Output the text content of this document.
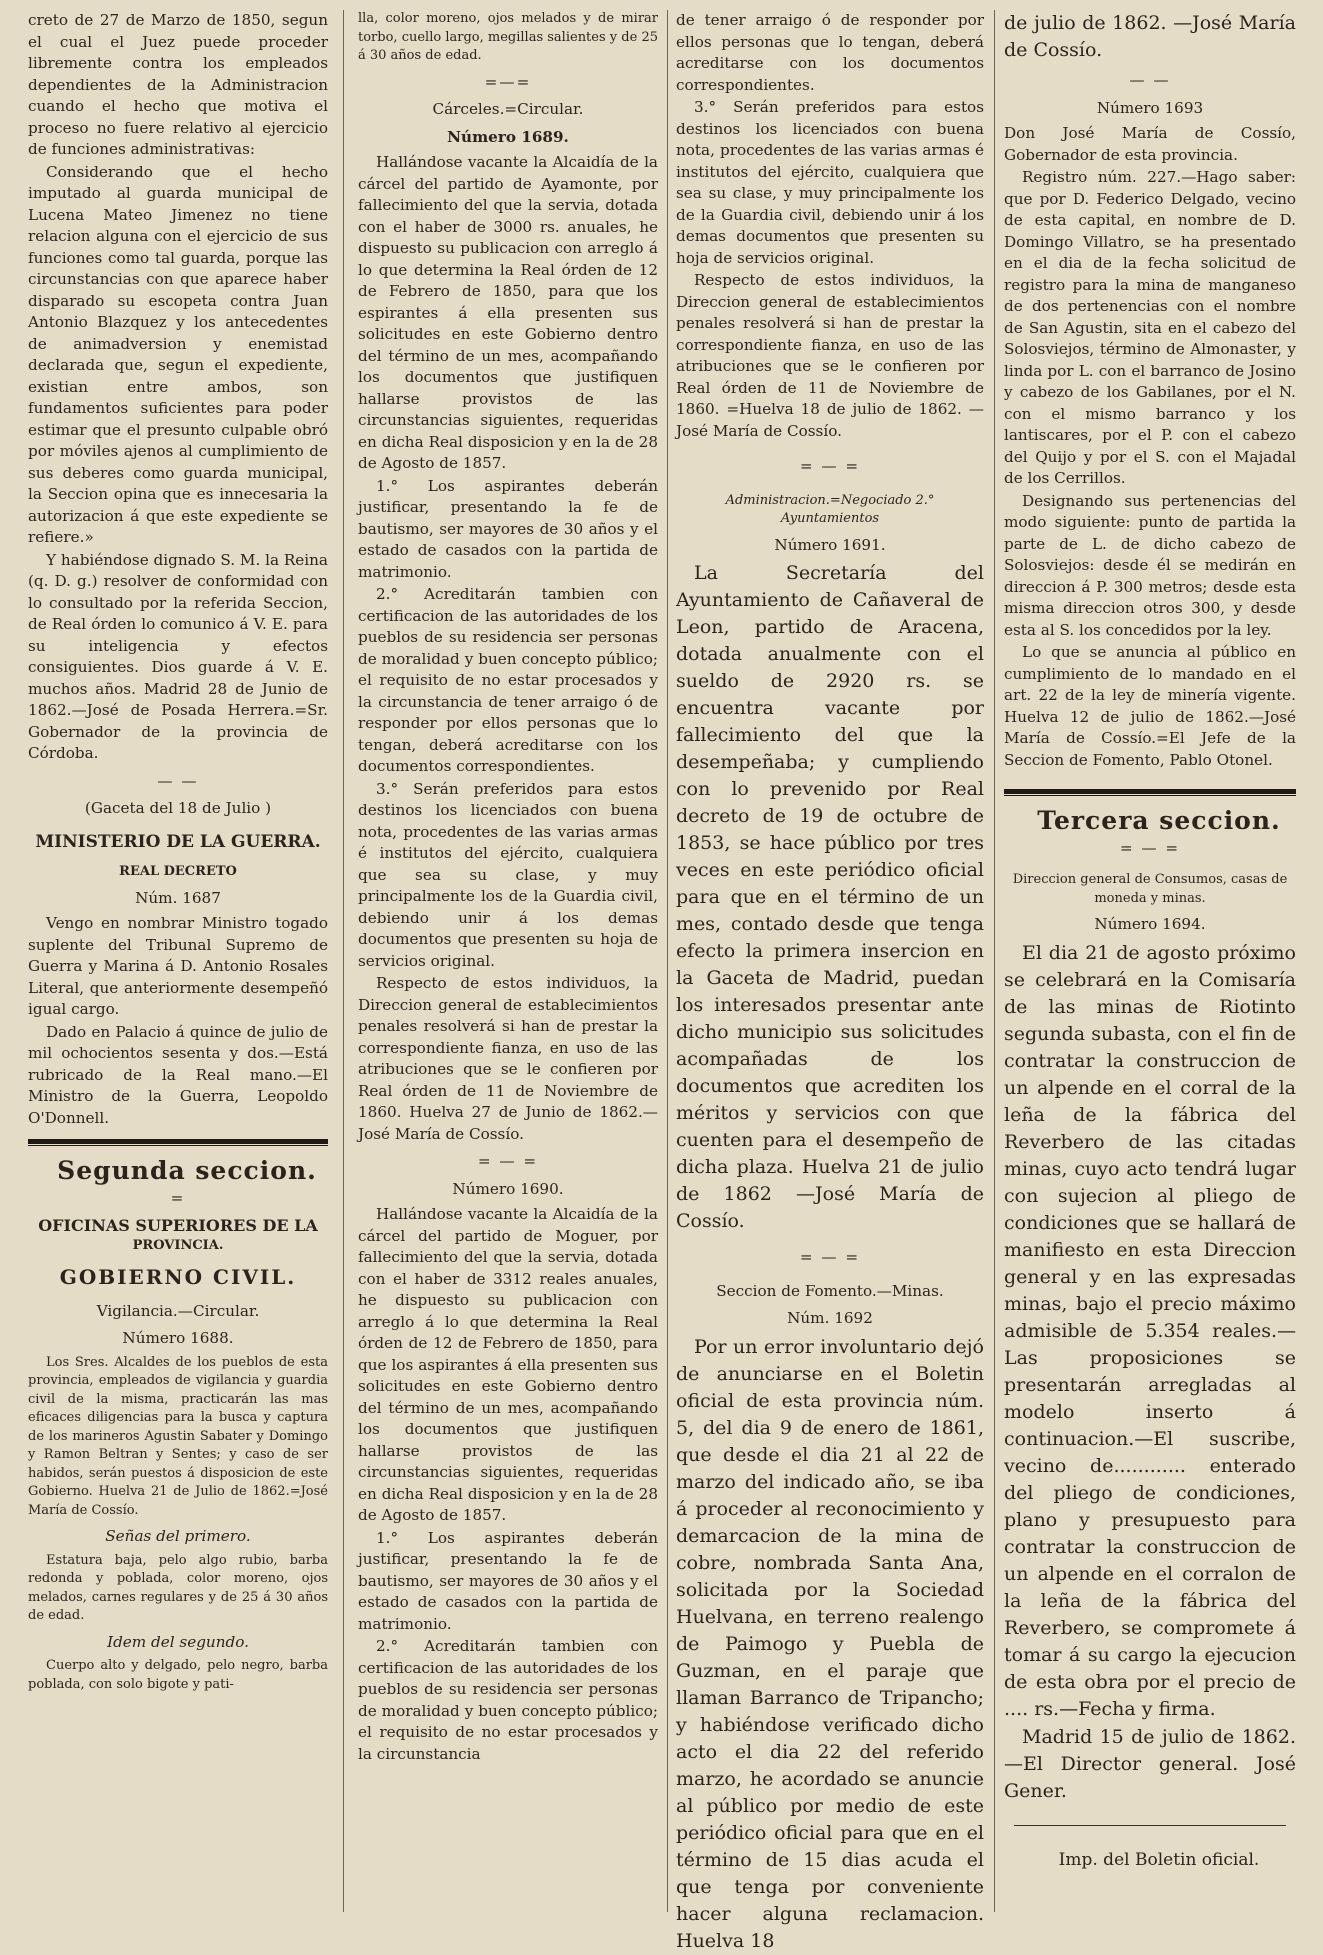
creto de 27 de Marzo de 1850, segun el cual el Juez puede proceder libremente contra los empleados dependientes de la Administracion cuando el hecho que motiva el proceso no fuere relativo al ejercicio de funciones administrativas:

Considerando que el hecho imputado al guarda municipal de Lucena Mateo Jimenez no tiene relacion alguna con el ejercicio de sus funciones como tal guarda, porque las circunstancias con que aparece haber disparado su escopeta contra Juan Antonio Blazquez y los antecedentes de animadversion y enemistad declarada que, segun el expediente, existian entre ambos, son fundamentos suficientes para poder estimar que el presunto culpable obró por móviles ajenos al cumplimiento de sus deberes como guarda municipal, la Seccion opina que es innecesaria la autorizacion á que este expediente se refiere.»

Y habiéndose dignado S. M. la Reina (q. D. g.) resolver de conformidad con lo consultado por la referida Seccion, de Real órden lo comunico á V. E. para su inteligencia y efectos consiguientes. Dios guarde á V. E. muchos años. Madrid 28 de Junio de 1862.—José de Posada Herrera.=Sr. Gobernador de la provincia de Córdoba.

— —

(Gaceta del 18 de Julio )

MINISTERIO DE LA GUERRA.

REAL DECRETO

Núm. 1687

Vengo en nombrar Ministro togado suplente del Tribunal Supremo de Guerra y Marina á D. Antonio Rosales Literal, que anteriormente desempeñó igual cargo.

Dado en Palacio á quince de julio de mil ochocientos sesenta y dos.—Está rubricado de la Real mano.—El Ministro de la Guerra, Leopoldo O'Donnell.

Segunda seccion.

=

OFICINAS SUPERIORES DE LA

PROVINCIA.

GOBIERNO CIVIL.

Vigilancia.—Circular.

Número 1688.

Los Sres. Alcaldes de los pueblos de esta provincia, empleados de vigilancia y guardia civil de la misma, practicarán las mas eficaces diligencias para la busca y captura de los marineros Agustin Sabater y Domingo y Ramon Beltran y Sentes; y caso de ser habidos, serán puestos á disposicion de este Gobierno. Huelva 21 de Julio de 1862.=José María de Cossío.

Señas del primero.

Estatura baja, pelo algo rubio, barba redonda y poblada, color moreno, ojos melados, carnes regulares y de 25 á 30 años de edad.

Idem del segundo.

Cuerpo alto y delgado, pelo negro, barba poblada, con solo bigote y pati-

lla, color moreno, ojos melados y de mirar torbo, cuello largo, megillas salientes y de 25 á 30 años de edad.

=—=

Cárceles.=Circular.

Número 1689.

Hallándose vacante la Alcaidía de la cárcel del partido de Ayamonte, por fallecimiento del que la servia, dotada con el haber de 3000 rs. anuales, he dispuesto su publicacion con arreglo á lo que determina la Real órden de 12 de Febrero de 1850, para que los espirantes á ella presenten sus solicitudes en este Gobierno dentro del término de un mes, acompañando los documentos que justifiquen hallarse provistos de las circunstancias siguientes, requeridas en dicha Real disposicion y en la de 28 de Agosto de 1857.

1.° Los aspirantes deberán justificar, presentando la fe de bautismo, ser mayores de 30 años y el estado de casados con la partida de matrimonio.

2.° Acreditarán tambien con certificacion de las autoridades de los pueblos de su residencia ser personas de moralidad y buen concepto público; el requisito de no estar procesados y la circunstancia de tener arraigo ó de responder por ellos personas que lo tengan, deberá acreditarse con los documentos correspondientes.

3.° Serán preferidos para estos destinos los licenciados con buena nota, procedentes de las varias armas é institutos del ejército, cualquiera que sea su clase, y muy principalmente los de la Guardia civil, debiendo unir á los demas documentos que presenten su hoja de servicios original.

Respecto de estos individuos, la Direccion general de establecimientos penales resolverá si han de prestar la correspondiente fianza, en uso de las atribuciones que se le confieren por Real órden de 11 de Noviembre de 1860. Huelva 27 de Junio de 1862.—José María de Cossío.

= — =

Número 1690.

Hallándose vacante la Alcaidía de la cárcel del partido de Moguer, por fallecimiento del que la servia, dotada con el haber de 3312 reales anuales, he dispuesto su publicacion con arreglo á lo que determina la Real órden de 12 de Febrero de 1850, para que los aspirantes á ella presenten sus solicitudes en este Gobierno dentro del término de un mes, acompañando los documentos que justifiquen hallarse provistos de las circunstancias siguientes, requeridas en dicha Real disposicion y en la de 28 de Agosto de 1857.

1.° Los aspirantes deberán justificar, presentando la fe de bautismo, ser mayores de 30 años y el estado de casados con la partida de matrimonio.

2.° Acreditarán tambien con certificacion de las autoridades de los pueblos de su residencia ser personas de moralidad y buen concepto público; el requisito de no estar procesados y la circunstancia

de tener arraigo ó de responder por ellos personas que lo tengan, deberá acreditarse con los documentos correspondientes.

3.° Serán preferidos para estos destinos los licenciados con buena nota, procedentes de las varias armas é institutos del ejército, cualquiera que sea su clase, y muy principalmente los de la Guardia civil, debiendo unir á los demas documentos que presenten su hoja de servicios original.

Respecto de estos individuos, la Direccion general de establecimientos penales resolverá si han de prestar la correspondiente fianza, en uso de las atribuciones que se le confieren por Real órden de 11 de Noviembre de 1860. =Huelva 18 de julio de 1862. —José María de Cossío.

= — =

Administracion.=Negociado 2.°

Ayuntamientos

Número 1691.

La Secretaría del Ayuntamiento de Cañaveral de Leon, partido de Aracena, dotada anualmente con el sueldo de 2920 rs. se encuentra vacante por fallecimiento del que la desempeñaba; y cumpliendo con lo prevenido por Real decreto de 19 de octubre de 1853, se hace público por tres veces en este periódico oficial para que en el término de un mes, contado desde que tenga efecto la primera insercion en la Gaceta de Madrid, puedan los interesados presentar ante dicho municipio sus solicitudes acompañadas de los documentos que acrediten los méritos y servicios con que cuenten para el desempeño de dicha plaza. Huelva 21 de julio de 1862 —José María de Cossío.

= — =

Seccion de Fomento.—Minas.

Núm. 1692

Por un error involuntario dejó de anunciarse en el Boletin oficial de esta provincia núm. 5, del dia 9 de enero de 1861, que desde el dia 21 al 22 de marzo del indicado año, se iba á proceder al reconocimiento y demarcacion de la mina de cobre, nombrada Santa Ana, solicitada por la Sociedad Huelvana, en terreno realengo de Paimogo y Puebla de Guzman, en el paraje que llaman Barranco de Tripancho; y habiéndose verificado dicho acto el dia 22 del referido marzo, he acordado se anuncie al público por medio de este periódico oficial para que en el término de 15 dias acuda el que tenga por conveniente hacer alguna reclamacion. Huelva 18

de julio de 1862. —José María de Cossío.

— —

Número 1693

Don José María de Cossío, Gobernador de esta provincia.

Registro núm. 227.—Hago saber: que por D. Federico Delgado, vecino de esta capital, en nombre de D. Domingo Villatro, se ha presentado en el dia de la fecha solicitud de registro para la mina de manganeso de dos pertenencias con el nombre de San Agustin, sita en el cabezo del Solosviejos, término de Almonaster, y linda por L. con el barranco de Josino y cabezo de los Gabilanes, por el N. con el mismo barranco y los lantiscares, por el P. con el cabezo del Quijo y por el S. con el Majadal de los Cerrillos.

Designando sus pertenencias del modo siguiente: punto de partida la parte de L. de dicho cabezo de Solosviejos: desde él se medirán en direccion á P. 300 metros; desde esta misma direccion otros 300, y desde esta al S. los concedidos por la ley.

Lo que se anuncia al público en cumplimiento de lo mandado en el art. 22 de la ley de minería vigente. Huelva 12 de julio de 1862.—José María de Cossío.=El Jefe de la Seccion de Fomento, Pablo Otonel.

Tercera seccion.

= — =

Direccion general de Consumos, casas de moneda y minas.

Número 1694.

El dia 21 de agosto próximo se celebrará en la Comisaría de las minas de Riotinto segunda subasta, con el fin de contratar la construccion de un alpende en el corral de la leña de la fábrica del Reverbero de las citadas minas, cuyo acto tendrá lugar con sujecion al pliego de condiciones que se hallará de manifiesto en esta Direccion general y en las expresadas minas, bajo el precio máximo admisible de 5.354 reales.—Las proposiciones se presentarán arregladas al modelo inserto á continuacion.—El suscribe, vecino de............ enterado del pliego de condiciones, plano y presupuesto para contratar la construccion de un alpende en el corralon de la leña de la fábrica del Reverbero, se compromete á tomar á su cargo la ejecucion de esta obra por el precio de .... rs.—Fecha y firma.

Madrid 15 de julio de 1862. —El Director general. José Gener.

Imp. del Boletin oficial.
